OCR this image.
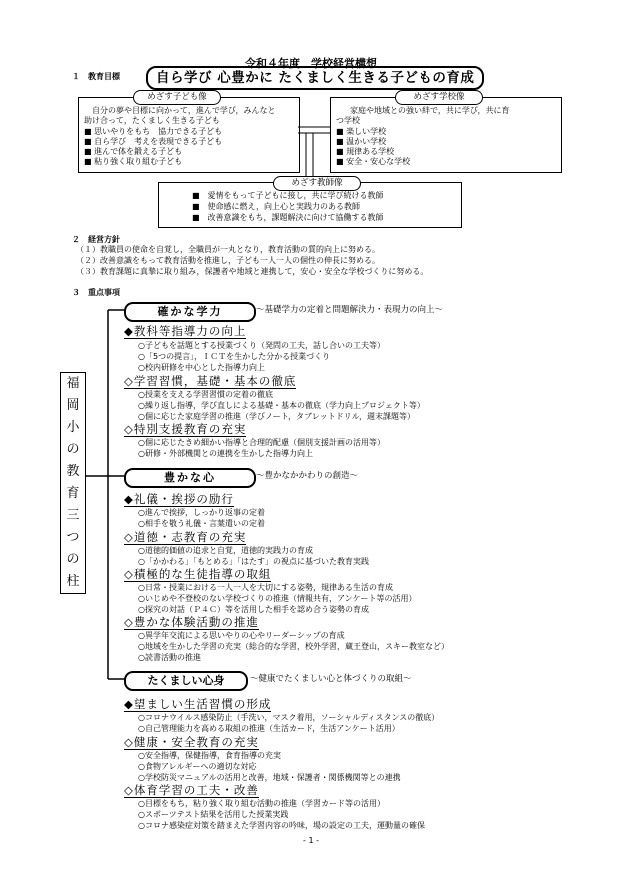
令和４年度　学校経営構想
１　教育目標	自ら学び 心豊かに たくましく生きる子どもの育成
めざす子ども像
自分の夢や目標に向かって，進んで学び，みんなと
助け合って，たくましく生きる子ども
■ 思いやりをもち　協力できる子ども
■ 自ら学び　考えを表現できる子ども
■ 進んで体を鍛える子ども
■ 粘り強く取り組む子ども
めざす学校像
家庭や地域との強い絆で，共に学び，共に育
つ学校
■ 楽しい学校
■ 温かい学校
■ 規律ある学校
■ 安全・安心な学校
めざす教師像
■　愛情をもって子どもに接し，共に学び続ける教師
■　使命感に燃え，向上心と実践力のある教師
■　改善意識をもち，課題解決に向けて協働する教師
２　経営方針
（１）教職員の使命を自覚し，全職員が一丸となり，教育活動の質的向上に努める。
（２）改善意識をもって教育活動を推進し，子ども一人一人の個性の伸長に努める。
（３）教育課題に真摯に取り組み，保護者や地域と連携して，安心・安全な学校づくりに努める。
３　重点事項
福
岡
小
の
教
育
三
つ
の
柱
確かな学力	～基礎学力の定着と問題解決力・表現力の向上～
◆教科等指導力の向上
○子どもを話題とする授業づくり（発問の工夫，話し合いの工夫等）
○「5つの提言」，ＩＣＴを生かした分かる授業づくり
○校内研修を中心とした指導力向上
◇学習習慣，基礎・基本の徹底
○授業を支える学習習慣の定着の徹底
○繰り返し指導，学び直しによる基礎・基本の徹底（学力向上プロジェクト等）
○個に応じた家庭学習の推進（学びノート，タブレットドリル，週末課題等）
◇特別支援教育の充実
○個に応じたきめ細かい指導と合理的配慮（個別支援計画の活用等）
○研修・外部機関との連携を生かした指導力向上
豊かな心	～豊かなかかわりの創造～
◆礼儀・挨拶の励行
○進んで挨拶，しっかり返事の定着
○相手を敬う礼儀・言葉遣いの定着
◇道徳・志教育の充実
○道徳的価値の追求と自覚，道徳的実践力の育成
○「かかわる」「もとめる」「はたす」の視点に基づいた教育実践
◇積極的な生徒指導の取組
○日常・授業における一人一人を大切にする姿勢，規律ある生活の育成
○いじめや不登校のない学校づくりの推進（情報共有，アンケート等の活用）
○探究の対話（Ｐ４Ｃ）等を活用した相手を認め合う姿勢の育成
◇豊かな体験活動の推進
○異学年交流による思いやりの心やリーダーシップの育成
○地域を生かした学習の充実（総合的な学習，校外学習，蔵王登山，スキー教室など）
○読書活動の推進
たくましい心身	～健康でたくましい心と体づくりの取組～
◆望ましい生活習慣の形成
○コロナウイルス感染防止（手洗い，マスク着用，ソーシャルディスタンスの徹底）
○自己管理能力を高める取組の推進（生活カード，生活アンケート活用）
◇健康・安全教育の充実
○安全指導，保健指導，食育指導の充実
○食物アレルギーへの適切な対応
○学校防災マニュアルの活用と改善，地域・保護者・関係機関等との連携
◇体育学習の工夫・改善
○目標をもち，粘り強く取り組む活動の推進（学習カード等の活用）
○スポーツテスト結果を活用した授業実践
○コロナ感染症対策を踏まえた学習内容の吟味，場の設定の工夫，運動量の確保
- 1 -
